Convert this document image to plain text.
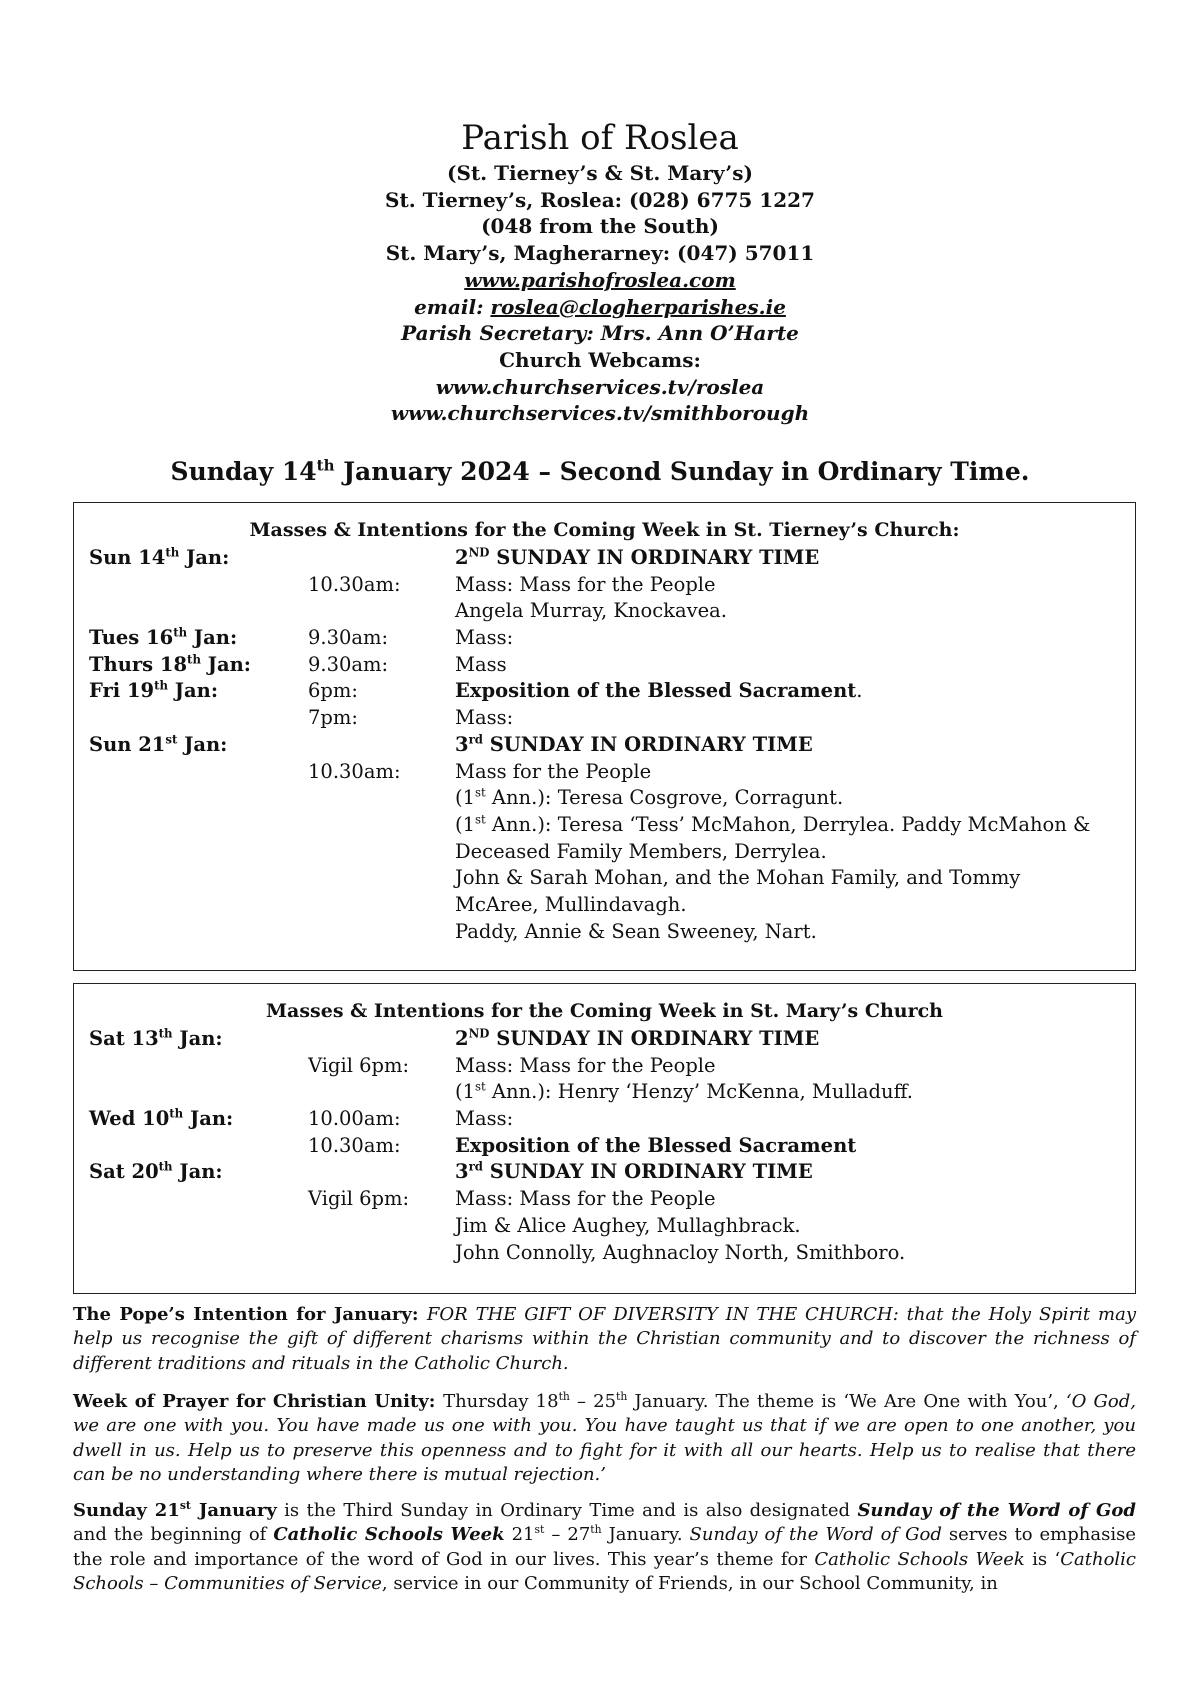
Parish of Roslea
(St. Tierney’s & St. Mary’s)
St. Tierney’s, Roslea: (028) 6775 1227
(048 from the South)
St. Mary’s, Magherarney: (047) 57011
www.parishofroslea.com
email: roslea@clogherparishes.ie
Parish Secretary: Mrs. Ann O’Harte
Church Webcams:
www.churchservices.tv/roslea
www.churchservices.tv/smithborough
Sunday 14th January 2024 – Second Sunday in Ordinary Time.
Masses & Intentions for the Coming Week in St. Tierney’s Church:
Sun 14th Jan:	2ND SUNDAY IN ORDINARY TIME
10.30am:	Mass: Mass for the People
Angela Murray, Knockavea.
Tues 16th Jan:	9.30am:	Mass:
Thurs 18th Jan:	9.30am:	Mass
Fri 19th Jan:	6pm:	Exposition of the Blessed Sacrament.
7pm:	Mass:
Sun 21st Jan:	3rd SUNDAY IN ORDINARY TIME
10.30am:	Mass for the People
(1st Ann.): Teresa Cosgrove, Corragunt.
(1st Ann.): Teresa ‘Tess’ McMahon, Derrylea. Paddy McMahon &
Deceased Family Members, Derrylea.
John & Sarah Mohan, and the Mohan Family, and Tommy
McAree, Mullindavagh.
Paddy, Annie & Sean Sweeney, Nart.
Masses & Intentions for the Coming Week in St. Mary’s Church
Sat 13th Jan:	2ND SUNDAY IN ORDINARY TIME
Vigil 6pm: Mass: Mass for the People
(1st Ann.): Henry ‘Henzy’ McKenna, Mulladuff.
Wed 10th Jan:	10.00am:	Mass:
10.30am:	Exposition of the Blessed Sacrament
Sat 20th Jan:	3rd SUNDAY IN ORDINARY TIME
Vigil 6pm: Mass: Mass for the People
Jim & Alice Aughey, Mullaghbrack.
John Connolly, Aughnacloy North, Smithboro.
The Pope’s Intention for January: FOR THE GIFT OF DIVERSITY IN THE CHURCH: that the Holy Spirit may help us recognise the gift of different charisms within the Christian community and to discover the richness of different traditions and rituals in the Catholic Church.
Week of Prayer for Christian Unity: Thursday 18th – 25th January. The theme is ‘We Are One with You’, ‘O God, we are one with you. You have made us one with you. You have taught us that if we are open to one another, you dwell in us. Help us to preserve this openness and to fight for it with all our hearts. Help us to realise that there can be no understanding where there is mutual rejection.’
Sunday 21st January is the Third Sunday in Ordinary Time and is also designated Sunday of the Word of God and the beginning of Catholic Schools Week 21st – 27th January. Sunday of the Word of God serves to emphasise the role and importance of the word of God in our lives. This year’s theme for Catholic Schools Week is ‘Catholic Schools – Communities of Service, service in our Community of Friends, in our School Community, in
